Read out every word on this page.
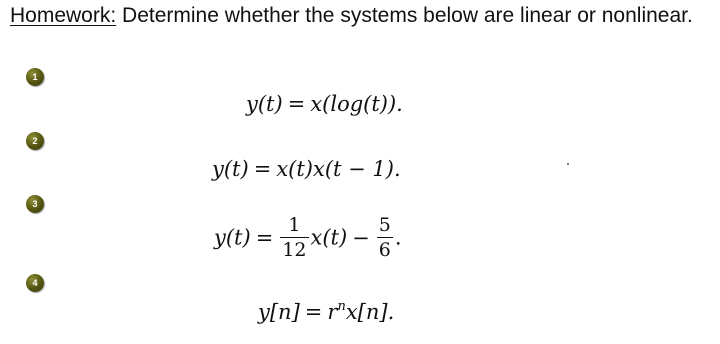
Homework: Determine whether the systems below are linear or nonlinear.

1
y(t) = x(log(t)).
2
y(t) = x(t)x(t − 1).
3
$y(t) = \frac{1}{12} x(t) - \frac{5}{6}$ .
4
$y[n] = r^nx[n]$.
